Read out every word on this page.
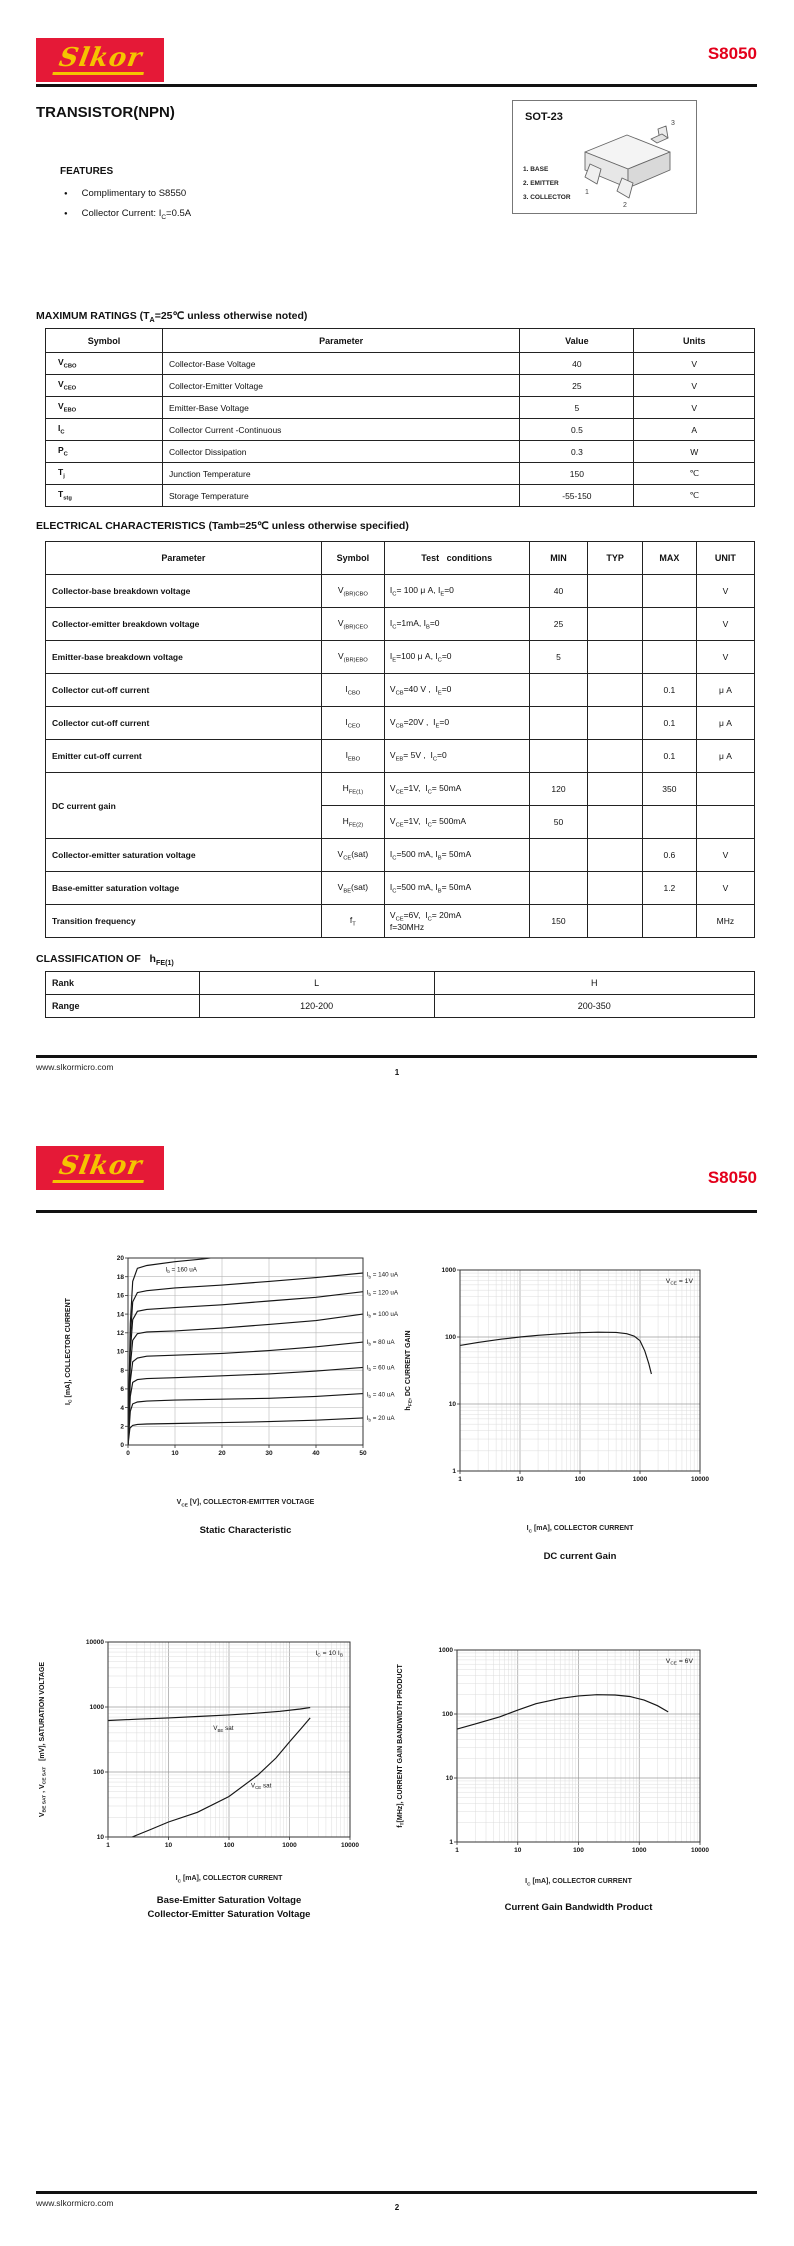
Slkor	S8050
TRANSISTOR(NPN)
FEATURES
● Complimentary to S8550
● Collector Current: $I_C=0.5A$
SOT-23
1. BASE
2. EMITTER
3. COLLECTOR
3
1
2
MAXIMUM RATINGS ($T_A=25℃$ unless otherwise noted)
Symbol	Parameter	Value	Units
$V_{CBO}$	Collector-Base Voltage	40	V
$V_{CEO}$	Collector-Emitter Voltage	25	V
$V_{EBO}$	Emitter-Base Voltage	5	V
$I_C$	Collector Current -Continuous	0.5	A
$P_C$	Collector Dissipation	0.3	W
$T_j$	Junction Temperature	150	℃
$T_{stg}$	Storage Temperature	-55-150	℃
ELECTRICAL CHARACTERISTICS (Tamb=25℃ unless otherwise specified)
Parameter	Symbol	Test   conditions	MIN	TYP	MAX	UNIT
Collector-base breakdown voltage	$V_{(BR)CBO}$	$I_C= 100$ μ A, $I_E=0$	40			V
Collector-emitter breakdown voltage	$V_{(BR)CEO}$	$I_C=1mA$, $I_B=0$	25			V
Emitter-base breakdown voltage	$V_{(BR)EBO}$	$I_E=100$ μ A, $I_C=0$	5			V
Collector cut-off current	$I_{CBO}$	$V_{CB}=40$ V ,  $I_E=0$			0.1	μ A
Collector cut-off current	$I_{CEO}$	$V_{CB}=20V$ ,  $I_E=0$			0.1	μ A
Emitter cut-off current	$I_{EBO}$	$V_{EB}= 5V$ ,  $I_C=0$			0.1	μ A
DC current gain	$H_{FE(1)}$	$V_{CE}=1V$,  $I_C= 50mA$	120		350	
	$H_{FE(2)}$	$V_{CE}=1V$,  $I_C= 500mA$	50			
Collector-emitter saturation voltage	$V_{CE}(sat)$	$I_C=500$ mA, $I_B= 50mA$			0.6	V
Base-emitter saturation voltage	$V_{BE}(sat)$	$I_C=500$ mA, $I_B= 50mA$			1.2	V
Transition frequency	$f_T$	$V_{CE}=6V$,  $I_C= 20mA$
f=30MHz	150			MHz
CLASSIFICATION OF   $h_{FE(1)}$
Rank	L	H
Range	120-200	200-350
www.slkormicro.com
1
Slkor	S8050
0	10	20	30	40	50
0
2
4
6
8
10
12
14
16
18
20
$I_b = 160$ uA
$I_b = 140$ uA
$I_b = 120$ uA
$I_b = 100$ uA
$I_b = 80$ uA
$I_b = 60$ uA
$I_b = 40$ uA
$I_b = 20$ uA
$I_C$ [mA], COLLECTOR CURRENT
$V_{CE}$ [V], COLLECTOR-EMITTER VOLTAGE
Static Characteristic
1	10	100	1000	10000
1
10
100
1000
$V_{CE} = 1V$
$h_{FE}$, DC CURRENT GAIN
$I_C$ [mA], COLLECTOR CURRENT
DC current Gain
1	10	100	1000	10000
10
100
1000
10000
$V_{BE}$ sat
$V_{CE}$ sat
$I_C = 10$ $I_B$
$V_{BE SAT}$ , $V_{CE SAT}$   [mV], SATURATION VOLTAGE
$I_C$ [mA], COLLECTOR CURRENT
Base-Emitter Saturation Voltage
Collector-Emitter Saturation Voltage
1	10	100	1000	10000
1
10
100
1000
$V_{CE} = 6V$
$f_T[MHz]$, CURRENT GAIN BANDWIDTH PRODUCT
$I_C$ [mA], COLLECTOR CURRENT
Current Gain Bandwidth Product
www.slkormicro.com	2
